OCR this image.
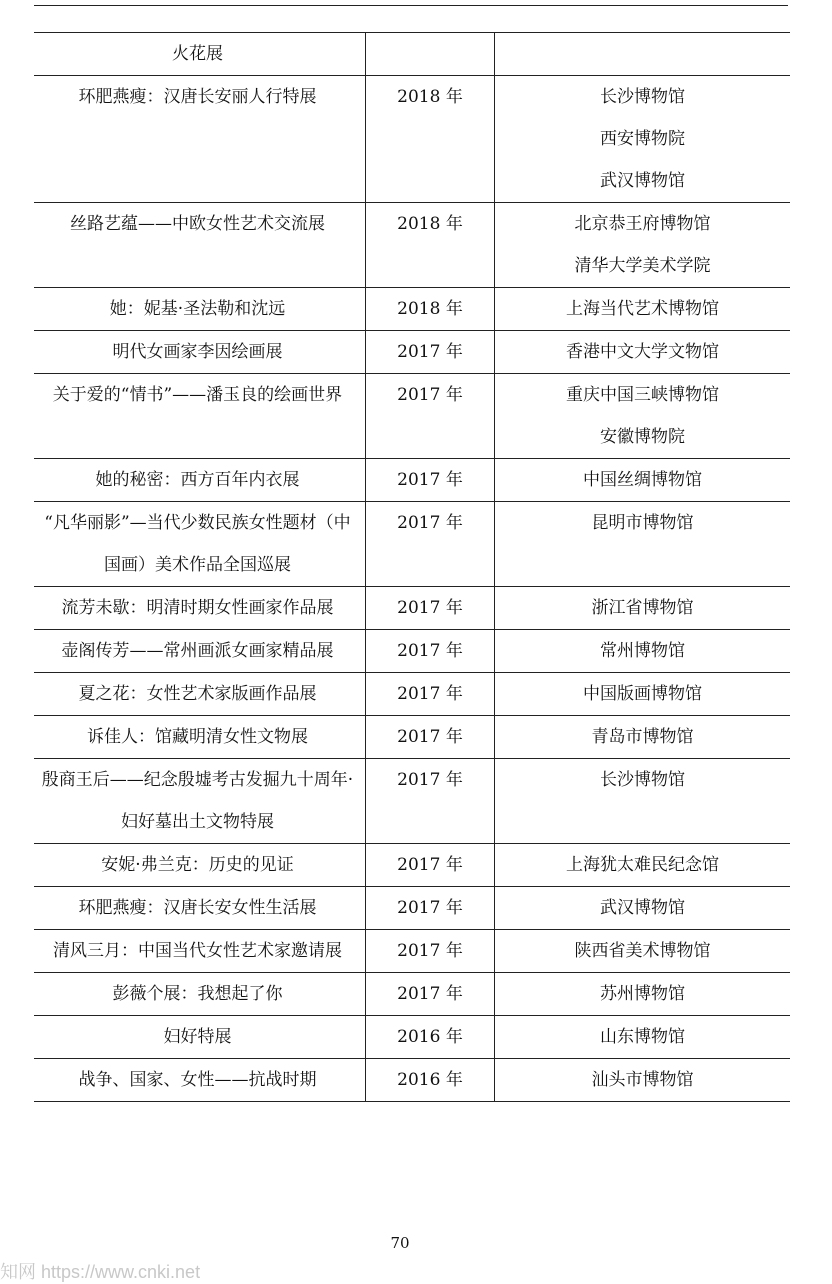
火花展		
环肥燕瘦：汉唐长安丽人行特展	2018 年	长沙博物馆
西安博物院
武汉博物馆

丝路艺蕴——中欧女性艺术交流展	2018 年	北京恭王府博物馆
清华大学美术学院

她：妮基·圣法勒和沈远	2018 年	上海当代艺术博物馆

明代女画家李因绘画展	2017 年	香港中文大学文物馆

关于爱的“情书”——潘玉良的绘画世界	2017 年	重庆中国三峡博物馆
安徽博物院

她的秘密：西方百年内衣展	2017 年	中国丝绸博物馆

“凡华丽影”—当代少数民族女性题材（中国画）美术作品全国巡展	2017 年	昆明市博物馆

流芳未歇：明清时期女性画家作品展	2017 年	浙江省博物馆

壶阁传芳——常州画派女画家精品展	2017 年	常州博物馆

夏之花：女性艺术家版画作品展	2017 年	中国版画博物馆

诉佳人：馆藏明清女性文物展	2017 年	青岛市博物馆

殷商王后——纪念殷墟考古发掘九十周年·妇好墓出土文物特展	2017 年	长沙博物馆

安妮·弗兰克：历史的见证	2017 年	上海犹太难民纪念馆

环肥燕瘦：汉唐长安女性生活展	2017 年	武汉博物馆

清风三月：中国当代女性艺术家邀请展	2017 年	陕西省美术博物馆

彭薇个展：我想起了你	2017 年	苏州博物馆

妇好特展	2016 年	山东博物馆

战争、国家、女性——抗战时期	2016 年	汕头市博物馆
70
知网 https://www.cnki.net
